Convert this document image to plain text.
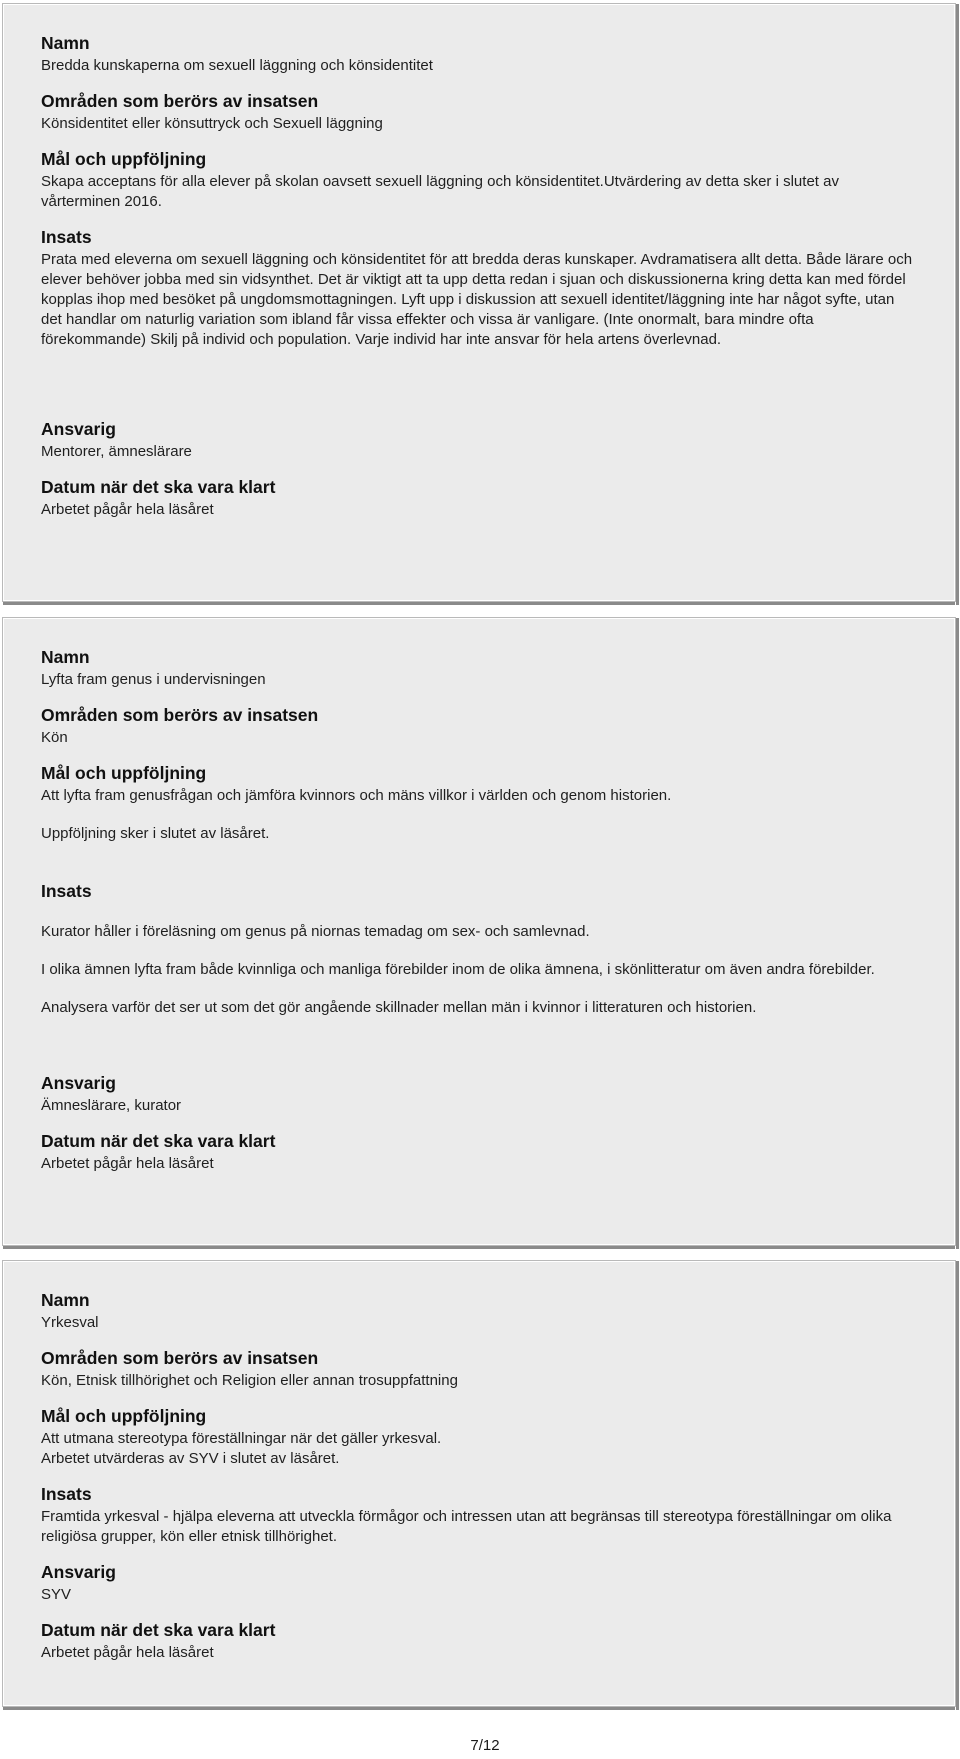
Namn

Bredda kunskaperna om sexuell läggning och könsidentitet

Områden som berörs av insatsen

Könsidentitet eller könsuttryck och Sexuell läggning

Mål och uppföljning

Skapa acceptans för alla elever på skolan oavsett sexuell läggning och könsidentitet.Utvärdering av detta sker i slutet av vårterminen 2016.

Insats

Prata med eleverna om sexuell läggning och könsidentitet för att bredda deras kunskaper. Avdramatisera allt detta. Både lärare och elever behöver jobba med sin vidsynthet. Det är viktigt att ta upp detta redan i sjuan och diskussionerna kring detta kan med fördel kopplas ihop med besöket på ungdomsmottagningen. Lyft upp i diskussion att sexuell identitet/läggning inte har något syfte, utan det handlar om naturlig variation som ibland får vissa effekter och vissa är vanligare. (Inte onormalt, bara mindre ofta förekommande) Skilj på individ och population. Varje individ har inte ansvar för hela artens överlevnad.

Ansvarig

Mentorer, ämneslärare

Datum när det ska vara klart

Arbetet pågår hela läsåret

Namn

Lyfta fram genus i undervisningen

Områden som berörs av insatsen

Kön

Mål och uppföljning

Att lyfta fram genusfrågan och jämföra kvinnors och mäns villkor i världen och genom historien.

Uppföljning sker i slutet av läsåret.

Insats

Kurator håller i föreläsning om genus på niornas temadag om sex- och samlevnad.

I olika ämnen lyfta fram både kvinnliga och manliga förebilder inom de olika ämnena, i skönlitteratur om även andra förebilder.

Analysera varför det ser ut som det gör angående skillnader mellan män i kvinnor i litteraturen och historien.

Ansvarig

Ämneslärare, kurator

Datum när det ska vara klart

Arbetet pågår hela läsåret

Namn

Yrkesval

Områden som berörs av insatsen

Kön, Etnisk tillhörighet och Religion eller annan trosuppfattning

Mål och uppföljning

Att utmana stereotypa föreställningar när det gäller yrkesval.

Arbetet utvärderas av SYV i slutet av läsåret.

Insats

Framtida yrkesval - hjälpa eleverna att utveckla förmågor och intressen utan att begränsas till stereotypa föreställningar om olika religiösa grupper, kön eller etnisk tillhörighet.

Ansvarig

SYV

Datum när det ska vara klart

Arbetet pågår hela läsåret

7/12
